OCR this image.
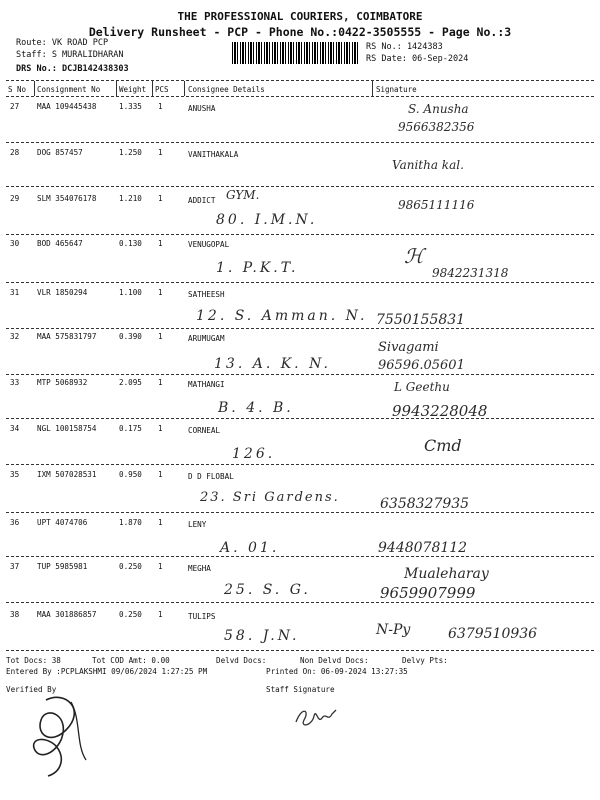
THE PROFESSIONAL COURIERS, COIMBATORE
Delivery Runsheet - PCP - Phone No.:0422-3505555 - Page No.:3
Route: VK ROAD PCP
Staff: S MURALIDHARAN
DRS No.: DCJB142438303
RS No.: 1424383
RS Date: 06-Sep-2024
S No Consignment No	Weight PCS	Consignee Details	Signature
27 MAA 109445438	1.335 1	ANUSHA	S. Anusha
9566382356
28 DOG 857457	1.250 1	VANITHAKALA
Vanitha kal.
29 SLM 354076178	1.210 1	ADDICT GYM.
80. I.M.N.
9865111116
30 BOD 465647	0.130 1	VENUGOPAL
1. P.K.T.	ℋ
9842231318
31 VLR 1850294	1.100 1	SATHEESH
12. S. Amman. N. 7550155831
32 MAA 575831797	0.390 1	ARUMUGAM
13. A. K. N.
Sivagami
96596.05601
33 MTP 5068932	2.095 1	MATHANGI
B. 4. B.
L Geethu
9943228048
34 NGL 100158754	0.175 1	CORNEAL
126.	Cmd
35 IXM 507028531	0.950 1	D D FLOBAL
23. Sri Gardens.	6358327935
36 UPT 4074706	1.870 1	LENY
A. 01.	9448078112
37 TUP 5985981	0.250 1	MEGHA
25. S. G.
Mualeharay
9659907999
38 MAA 301886857	0.250 1	TULIPS
58. J.N.	N-Py	6379510936
Tot Docs: 38	Tot COD Amt: 0.00	Delvd Docs:	Non Delvd Docs:	Delvy Pts:
Entered By :PCPLAKSHMI 09/06/2024 1:27:25 PM	Printed On: 06-09-2024 13:27:35
Verified By	Staff Signature
